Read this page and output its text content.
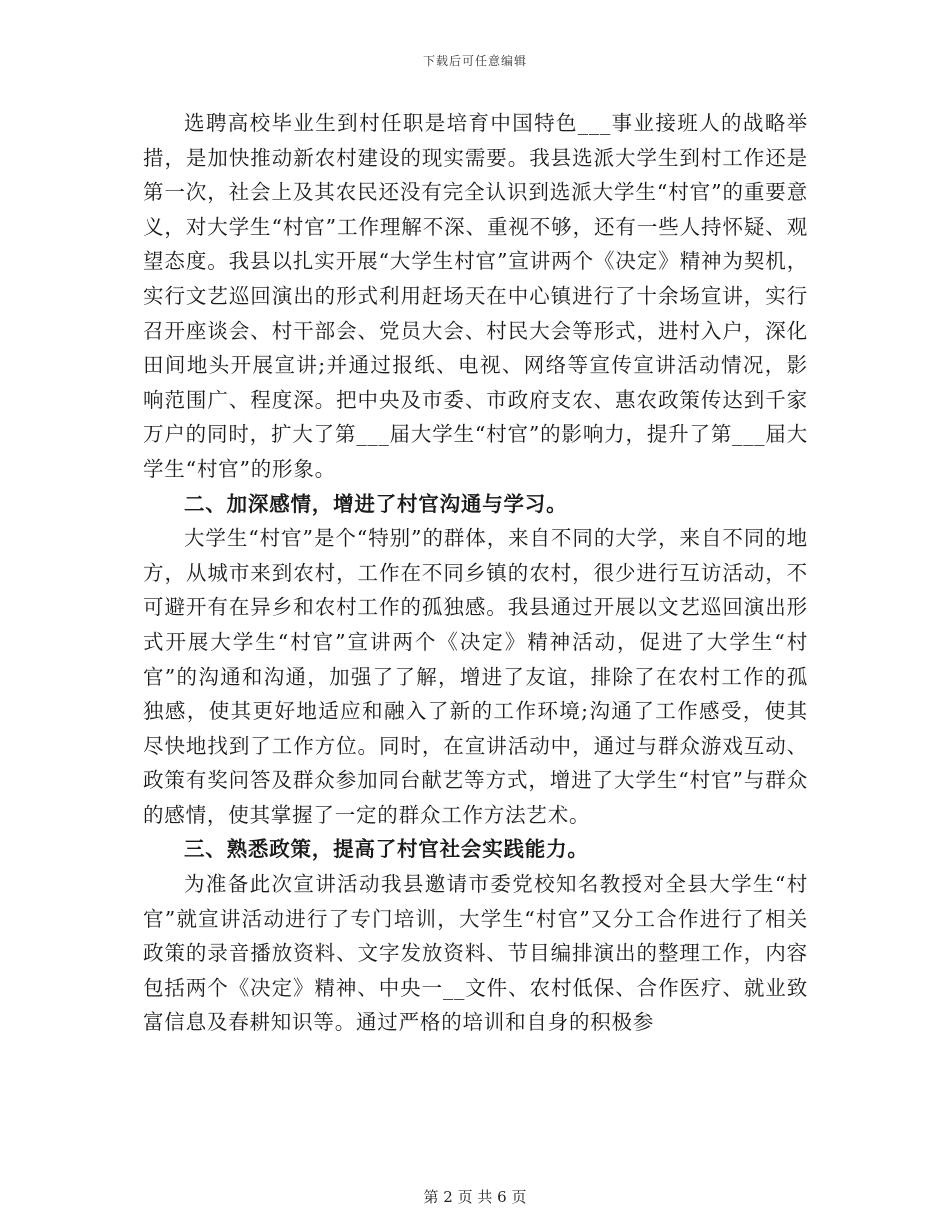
下载后可任意编辑

选聘高校毕业生到村任职是培育中国特色___事业接班人的战略举措，是加快推动新农村建设的现实需要。我县选派大学生到村工作还是第一次，社会上及其农民还没有完全认识到选派大学生“村官”的重要意义，对大学生“村官”工作理解不深、重视不够，还有一些人持怀疑、观望态度。我县以扎实开展“大学生村官”宣讲两个《决定》精神为契机，实行文艺巡回演出的形式利用赶场天在中心镇进行了十余场宣讲，实行召开座谈会、村干部会、党员大会、村民大会等形式，进村入户，深化田间地头开展宣讲;并通过报纸、电视、网络等宣传宣讲活动情况，影响范围广、程度深。把中央及市委、市政府支农、惠农政策传达到千家万户的同时，扩大了第___届大学生“村官”的影响力，提升了第___届大学生“村官”的形象。

二、加深感情，增进了村官沟通与学习。

大学生“村官”是个“特别”的群体，来自不同的大学，来自不同的地方，从城市来到农村，工作在不同乡镇的农村，很少进行互访活动，不可避开有在异乡和农村工作的孤独感。我县通过开展以文艺巡回演出形式开展大学生“村官”宣讲两个《决定》精神活动，促进了大学生“村官”的沟通和沟通，加强了了解，增进了友谊，排除了在农村工作的孤独感，使其更好地适应和融入了新的工作环境;沟通了工作感受，使其尽快地找到了工作方位。同时，在宣讲活动中，通过与群众游戏互动、政策有奖问答及群众参加同台献艺等方式，增进了大学生“村官”与群众的感情，使其掌握了一定的群众工作方法艺术。

三、熟悉政策，提高了村官社会实践能力。

为准备此次宣讲活动我县邀请市委党校知名教授对全县大学生“村官”就宣讲活动进行了专门培训，大学生“村官”又分工合作进行了相关政策的录音播放资料、文字发放资料、节目编排演出的整理工作，内容包括两个《决定》精神、中央一__文件、农村低保、合作医疗、就业致富信息及春耕知识等。通过严格的培训和自身的积极参

第 2 页 共 6 页
